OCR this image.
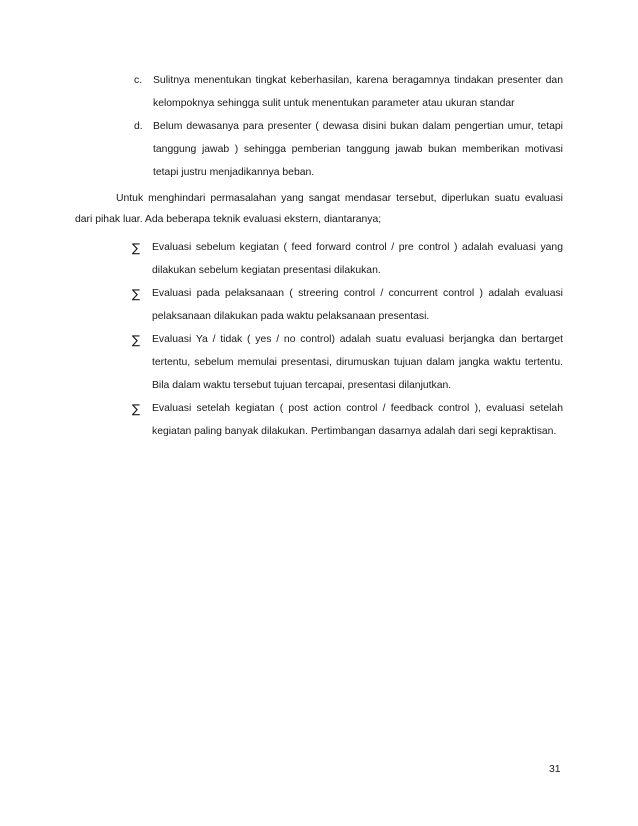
c. Sulitnya menentukan tingkat keberhasilan, karena beragamnya tindakan presenter dan
kelompoknya sehingga sulit untuk menentukan parameter atau ukuran standar
d. Belum dewasanya para presenter ( dewasa disini bukan dalam pengertian umur, tetapi
tanggung jawab ) sehingga pemberian tanggung jawab bukan memberikan motivasi
tetapi justru menjadikannya beban.
Untuk menghindari permasalahan yang sangat mendasar tersebut, diperlukan suatu evaluasi
dari pihak luar. Ada beberapa teknik evaluasi ekstern, diantaranya;
∑ Evaluasi sebelum kegiatan ( feed forward control / pre control ) adalah evaluasi yang
dilakukan sebelum kegiatan presentasi dilakukan.
∑ Evaluasi pada pelaksanaan ( streering control / concurrent control ) adalah evaluasi
pelaksanaan dilakukan pada waktu pelaksanaan presentasi.
∑ Evaluasi Ya / tidak ( yes / no control) adalah suatu evaluasi berjangka dan bertarget
tertentu, sebelum memulai presentasi, dirumuskan tujuan dalam jangka waktu tertentu.
Bila dalam waktu tersebut tujuan tercapai, presentasi dilanjutkan.
∑ Evaluasi setelah kegiatan ( post action control / feedback control ), evaluasi setelah
kegiatan paling banyak dilakukan. Pertimbangan dasarnya adalah dari segi kepraktisan.
31
